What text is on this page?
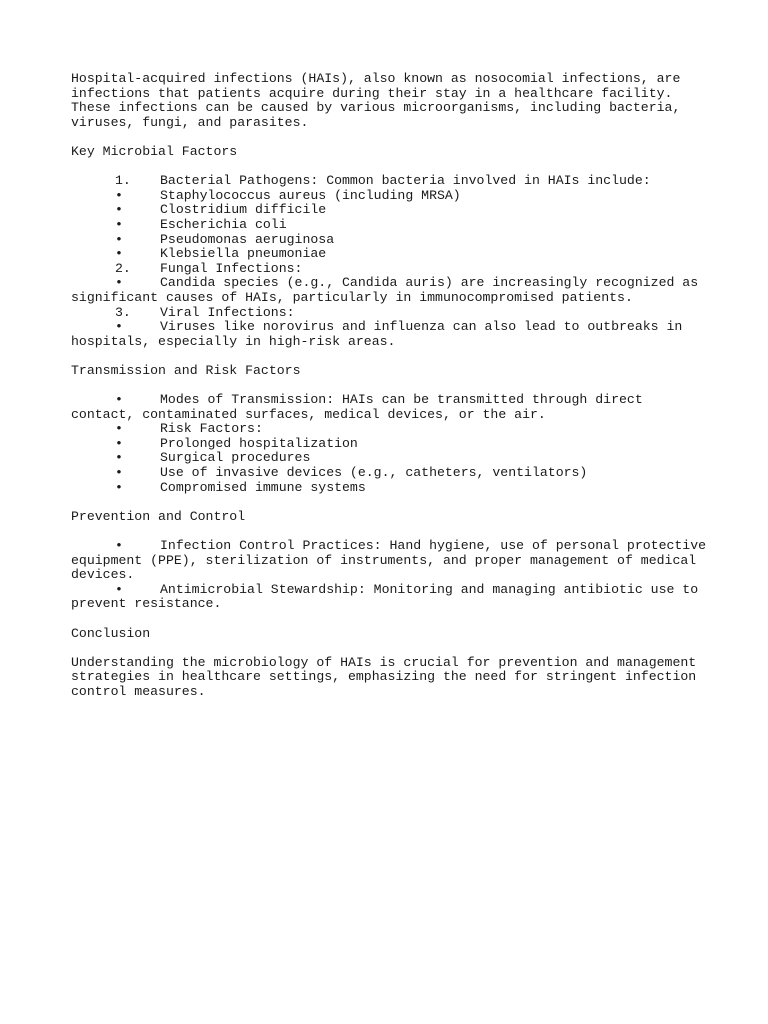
Hospital-acquired infections (HAIs), also known as nosocomial infections, are infections that patients acquire during their stay in a healthcare facility. These infections can be caused by various microorganisms, including bacteria, viruses, fungi, and parasites.

Key Microbial Factors

1.	Bacterial Pathogens: Common bacteria involved in HAIs include:
•	Staphylococcus aureus (including MRSA)
•	Clostridium difficile
•	Escherichia coli
•	Pseudomonas aeruginosa
•	Klebsiella pneumoniae
2.	Fungal Infections:
•	Candida species (e.g., Candida auris) are increasingly recognized as significant causes of HAIs, particularly in immunocompromised patients.
3.	Viral Infections:
•	Viruses like norovirus and influenza can also lead to outbreaks in hospitals, especially in high-risk areas.

Transmission and Risk Factors

•	Modes of Transmission: HAIs can be transmitted through direct contact, contaminated surfaces, medical devices, or the air.
•	Risk Factors:
•	Prolonged hospitalization
•	Surgical procedures
•	Use of invasive devices (e.g., catheters, ventilators)
•	Compromised immune systems

Prevention and Control

•	Infection Control Practices: Hand hygiene, use of personal protective equipment (PPE), sterilization of instruments, and proper management of medical devices.
•	Antimicrobial Stewardship: Monitoring and managing antibiotic use to prevent resistance.

Conclusion

Understanding the microbiology of HAIs is crucial for prevention and management strategies in healthcare settings, emphasizing the need for stringent infection control measures.
